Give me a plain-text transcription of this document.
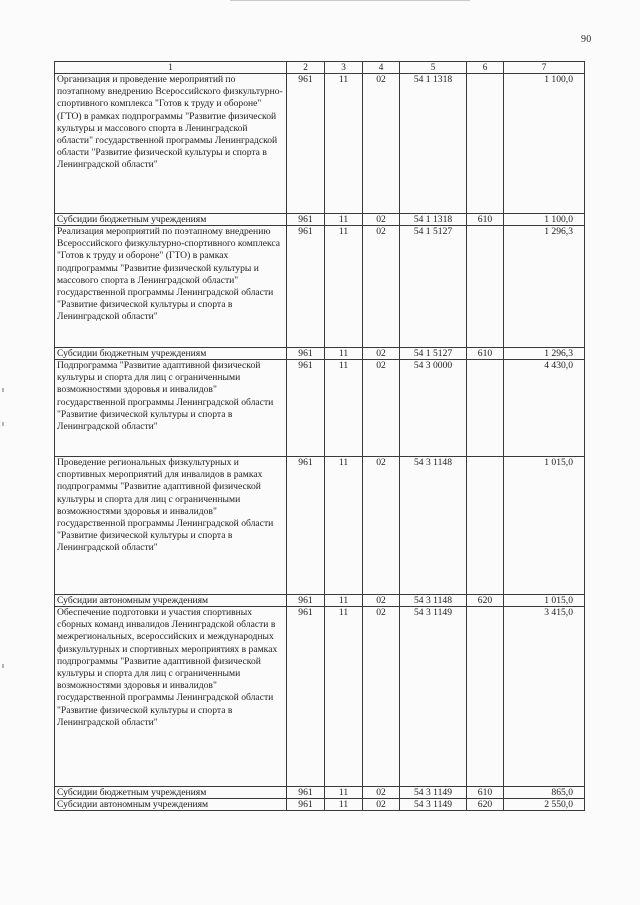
90
1	2	3	4	5	6	7
Организация и проведение мероприятий по поэтапному внедрению Всероссийского физкультурно-спортивного комплекса "Готов к труду и обороне" (ГТО) в рамках подпрограммы "Развитие физической культуры и массового спорта в Ленинградской области" государственной программы Ленинградской области "Развитие физической культуры и спорта в Ленинградской области"	961	11	02	54 1 1318		1 100,0
Субсидии бюджетным учреждениям	961	11	02	54 1 1318	610	1 100,0
Реализация мероприятий по поэтапному внедрению Всероссийского физкультурно-спортивного комплекса "Готов к труду и обороне" (ГТО) в рамках подпрограммы "Развитие физической культуры и массового спорта в Ленинградской области" государственной программы Ленинградской области "Развитие физической культуры и спорта в Ленинградской области"	961	11	02	54 1 5127		1 296,3
Субсидии бюджетным учреждениям	961	11	02	54 1 5127	610	1 296,3
Подпрограмма "Развитие адаптивной физической культуры и спорта для лиц с ограниченными возможностями здоровья и инвалидов" государственной программы Ленинградской области "Развитие физической культуры и спорта в Ленинградской области"	961	11	02	54 3 0000		4 430,0
Проведение региональных физкультурных и спортивных мероприятий для инвалидов в рамках подпрограммы "Развитие адаптивной физической культуры и спорта для лиц с ограниченными возможностями здоровья и инвалидов" государственной программы Ленинградской области "Развитие физической культуры и спорта в Ленинградской области"	961	11	02	54 3 1148		1 015,0
Субсидии автономным учреждениям	961	11	02	54 3 1148	620	1 015,0
Обеспечение подготовки и участия спортивных сборных команд инвалидов Ленинградской области в межрегиональных, всероссийских и международных физкультурных и спортивных мероприятиях в рамках подпрограммы "Развитие адаптивной физической культуры и спорта для лиц с ограниченными возможностями здоровья и инвалидов" государственной программы Ленинградской области "Развитие физической культуры и спорта в Ленинградской области"	961	11	02	54 3 1149		3 415,0
Субсидии бюджетным учреждениям	961	11	02	54 3 1149	610	865,0
Субсидии автономным учреждениям	961	11	02	54 3 1149	620	2 550,0
